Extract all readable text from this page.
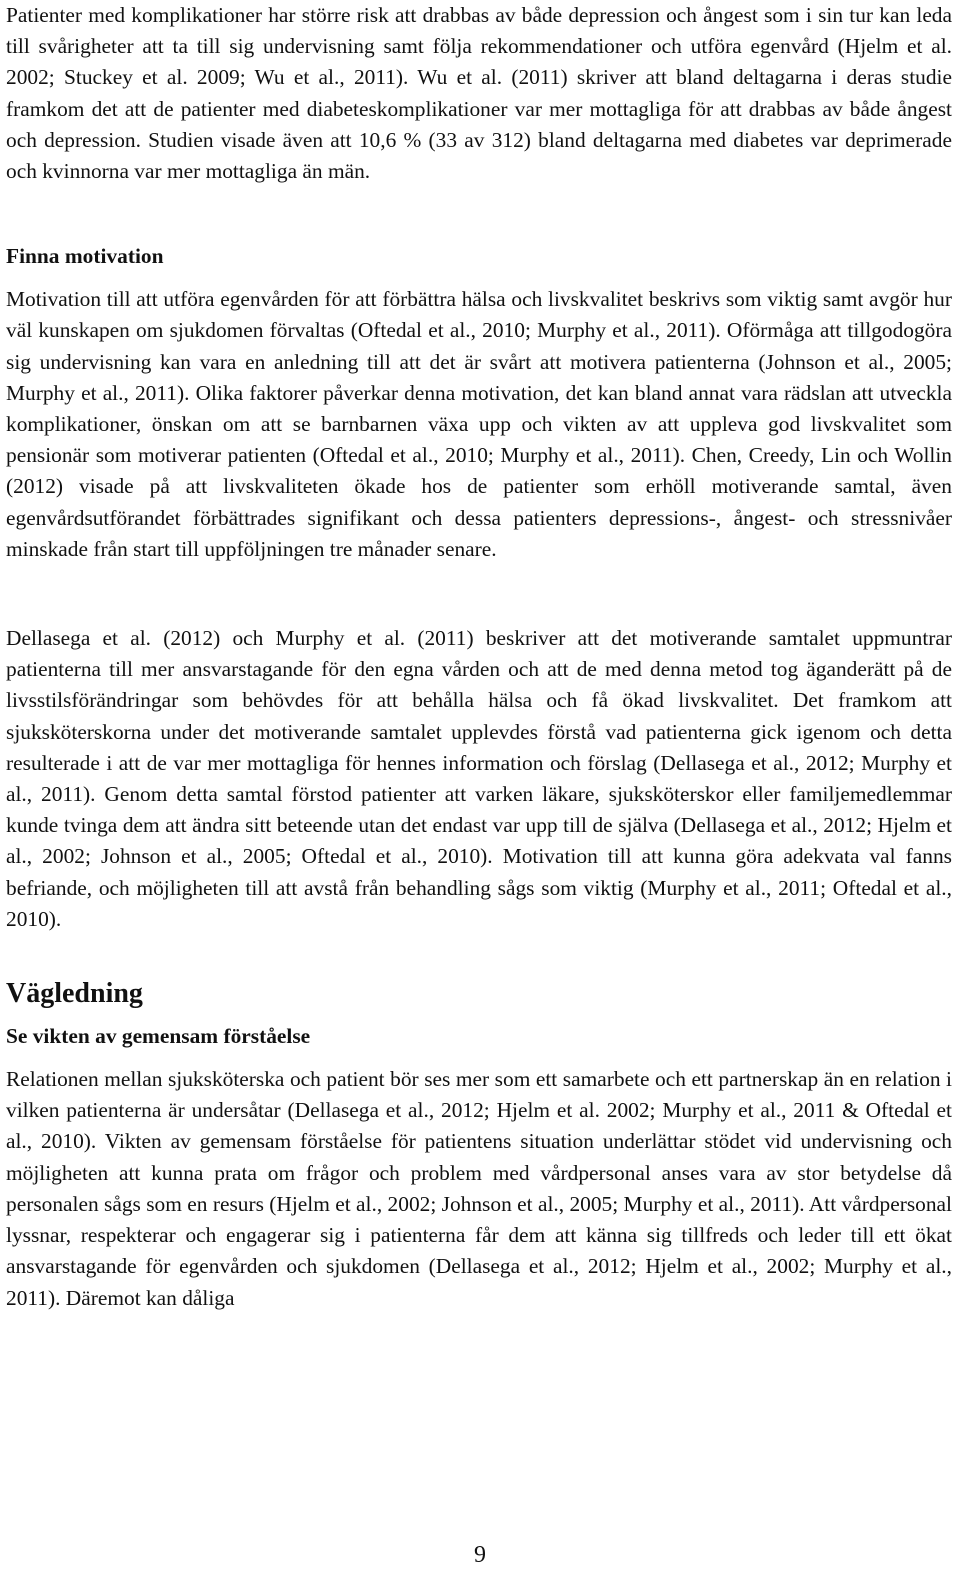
Patienter med komplikationer har större risk att drabbas av både depression och ångest som i sin tur kan leda till svårigheter att ta till sig undervisning samt följa rekommendationer och utföra egenvård (Hjelm et al. 2002; Stuckey et al. 2009; Wu et al., 2011). Wu et al. (2011) skriver att bland deltagarna i deras studie framkom det att de patienter med diabeteskomplikationer var mer mottagliga för att drabbas av både ångest och depression. Studien visade även att 10,6 % (33 av 312) bland deltagarna med diabetes var deprimerade och kvinnorna var mer mottagliga än män.

Finna motivation

Motivation till att utföra egenvården för att förbättra hälsa och livskvalitet beskrivs som viktig samt avgör hur väl kunskapen om sjukdomen förvaltas (Oftedal et al., 2010; Murphy et al., 2011). Oförmåga att tillgodogöra sig undervisning kan vara en anledning till att det är svårt att motivera patienterna (Johnson et al., 2005; Murphy et al., 2011). Olika faktorer påverkar denna motivation, det kan bland annat vara rädslan att utveckla komplikationer, önskan om att se barnbarnen växa upp och vikten av att uppleva god livskvalitet som pensionär som motiverar patienten (Oftedal et al., 2010; Murphy et al., 2011). Chen, Creedy, Lin och Wollin (2012) visade på att livskvaliteten ökade hos de patienter som erhöll motiverande samtal, även egenvårdsutförandet förbättrades signifikant och dessa patienters depressions-, ångest- och stressnivåer minskade från start till uppföljningen tre månader senare.

Dellasega et al. (2012) och Murphy et al. (2011) beskriver att det motiverande samtalet uppmuntrar patienterna till mer ansvarstagande för den egna vården och att de med denna metod tog äganderätt på de livsstilsförändringar som behövdes för att behålla hälsa och få ökad livskvalitet. Det framkom att sjuksköterskorna under det motiverande samtalet upplevdes förstå vad patienterna gick igenom och detta resulterade i att de var mer mottagliga för hennes information och förslag (Dellasega et al., 2012; Murphy et al., 2011). Genom detta samtal förstod patienter att varken läkare, sjuksköterskor eller familjemedlemmar kunde tvinga dem att ändra sitt beteende utan det endast var upp till de själva (Dellasega et al., 2012; Hjelm et al., 2002; Johnson et al., 2005; Oftedal et al., 2010). Motivation till att kunna göra adekvata val fanns befriande, och möjligheten till att avstå från behandling sågs som viktig (Murphy et al., 2011; Oftedal et al., 2010).

Vägledning
Se vikten av gemensam förståelse

Relationen mellan sjuksköterska och patient bör ses mer som ett samarbete och ett partnerskap än en relation i vilken patienterna är undersåtar (Dellasega et al., 2012; Hjelm et al. 2002; Murphy et al., 2011 & Oftedal et al., 2010). Vikten av gemensam förståelse för patientens situation underlättar stödet vid undervisning och möjligheten att kunna prata om frågor och problem med vårdpersonal anses vara av stor betydelse då personalen sågs som en resurs (Hjelm et al., 2002; Johnson et al., 2005; Murphy et al., 2011). Att vårdpersonal lyssnar, respekterar och engagerar sig i patienterna får dem att känna sig tillfreds och leder till ett ökat ansvarstagande för egenvården och sjukdomen (Dellasega et al., 2012; Hjelm et al., 2002; Murphy et al., 2011). Däremot kan dåliga

9
